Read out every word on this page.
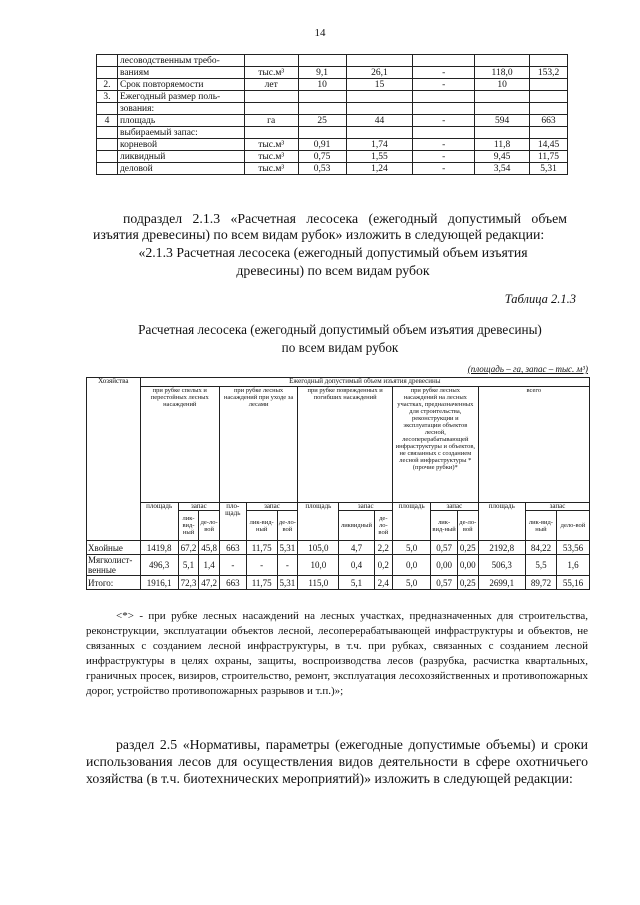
14
	лесоводственным требо-						
	ваниям	тыс.м³	9,1	26,1	-	118,0	153,2
2.	Срок повторяемости	лет	10	15	-	10	
3.	Ежегодный размер поль-						
	зования:						
4	площадь	га	25	44	-	594	663
	выбираемый запас:						
	корневой	тыс.м³	0,91	1,74	-	11,8	14,45
	ликвидный	тыс.м³	0,75	1,55	-	9,45	11,75
	деловой	тыс.м³	0,53	1,24	-	3,54	5,31
подраздел 2.1.3 «Расчетная лесосека (ежегодный допустимый объем изъятия древесины) по всем видам рубок» изложить в следующей редакции:
«2.1.3 Расчетная лесосека (ежегодный допустимый объем изъятия
древесины) по всем видам рубок
Таблица 2.1.3
Расчетная лесосека (ежегодный допустимый объем изъятия древесины)
по всем видам рубок
(площадь – га, запас – тыс. м³)
Хозяйства	Ежегодный допустимый объем изъятия древесины														
	при рубке спелых и перестойных лесных насаждений			при рубке лесных насаждений при уходе за лесами			при рубке поврежденных и погибших насаждений			при рубке лесных насаждений на лесных участках, предназначенных для строительства, реконструкции и эксплуатации объектов лесной, лесоперерабатывающей инфраструктуры и объектов, не связанных с созданием лесной инфраструктуры * (прочие рубки)*			всего		
	площадь	запас		пло-щадь	запас		площадь	запас		площадь	запас		площадь	запас	
		лик-вид-ный	де-ло-вой		лик-вид-ный	де-ло-вой		ликвидный	де-ло-вой		лик-вид-ный	де-ло-вой		лик-вид-ный	дело-вой
Хвойные	1419,8	67,2	45,8	663	11,75	5,31	105,0	4,7	2,2	5,0	0,57	0,25	2192,8	84,22	53,56
Мягколист-венные	496,3	5,1	1,4	-	-	-	10,0	0,4	0,2	0,0	0,00	0,00	506,3	5,5	1,6
Итого:	1916,1	72,3	47,2	663	11,75	5,31	115,0	5,1	2,4	5,0	0,57	0,25	2699,1	89,72	55,16
<*> - при рубке лесных насаждений на лесных участках, предназначенных для строительства, реконструкции, эксплуатации объектов лесной, лесоперерабатывающей инфраструктуры и объектов, не связанных с созданием лесной инфраструктуры, в т.ч. при рубках, связанных с созданием лесной инфраструктуры в целях охраны, защиты, воспроизводства лесов (разрубка, расчистка квартальных, граничных просек, визиров, строительство, ремонт, эксплуатация лесохозяйственных и противопожарных дорог, устройство противопожарных разрывов и т.п.)»;
раздел 2.5 «Нормативы, параметры (ежегодные допустимые объемы) и сроки использования лесов для осуществления видов деятельности в сфере охотничьего хозяйства (в т.ч. биотехнических мероприятий)» изложить в следующей редакции:
